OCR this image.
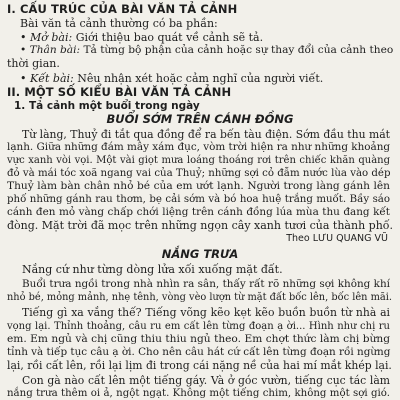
I. CẤU TRÚC CỦA BÀI VĂN TẢ CẢNH
Bài văn tả cảnh thường có ba phần:
• Mở bài: Giới thiệu bao quát về cảnh sẽ tả.
• Thân bài: Tả từng bộ phận của cảnh hoặc sự thay đổi của cảnh theo
thời gian.
• Kết bài: Nêu nhận xét hoặc cảm nghĩ của người viết.
II. MỘT SỐ KIỂU BÀI VĂN TẢ CẢNH
1. Tả cảnh một buổi trong ngày
BUỔI SỚM TRÊN CÁNH ĐỒNG
Từ làng, Thuỷ đi tắt qua đồng để ra bến tàu điện. Sớm đầu thu mát
lạnh. Giữa những đám mây xám đục, vòm trời hiện ra như những khoảng
vực xanh vòi vọi. Một vài giọt mưa loáng thoáng rơi trên chiếc khăn quàng
đỏ và mái tóc xoã ngang vai của Thuỷ; những sợi cỏ đẫm nước lùa vào dép
Thuỷ làm bàn chân nhỏ bé của em ướt lạnh. Người trong làng gánh lên
phố những gánh rau thơm, bẹ cải sớm và bó hoa huệ trắng muốt. Bầy sáo
cánh đen mỏ vàng chấp chới liệng trên cánh đồng lúa mùa thu đang kết
đòng. Mặt trời đã mọc trên những ngọn cây xanh tươi của thành phố.
Theo LƯU QUANG VŨ
NẮNG TRƯA
Nắng cứ như từng dòng lửa xối xuống mặt đất.
Buổi trưa ngồi trong nhà nhìn ra sân, thấy rất rõ những sợi không khí
nhỏ bé, mỏng mảnh, nhẹ tênh, vòng vèo lượn từ mặt đất bốc lên, bốc lên mãi.
Tiếng gì xa vắng thế? Tiếng võng kẽo kẹt kẽo buồn buồn từ nhà ai
vọng lại. Thỉnh thoảng, câu ru em cất lên từng đoạn ạ ời... Hình như chị ru
em. Em ngủ và chị cũng thiu thiu ngủ theo. Em chợt thức làm chị bừng
tỉnh và tiếp tục câu ạ ời. Cho nên câu hát cứ cất lên từng đoạn rồi ngừng
lại, rồi cất lên, rồi lại lịm đi trong cái nặng nề của hai mí mắt khép lại.
Con gà nào cất lên một tiếng gáy. Và ở góc vườn, tiếng cục tác làm
nắng trưa thêm oi ả, ngột ngạt. Không một tiếng chim, không một sợi gió.
